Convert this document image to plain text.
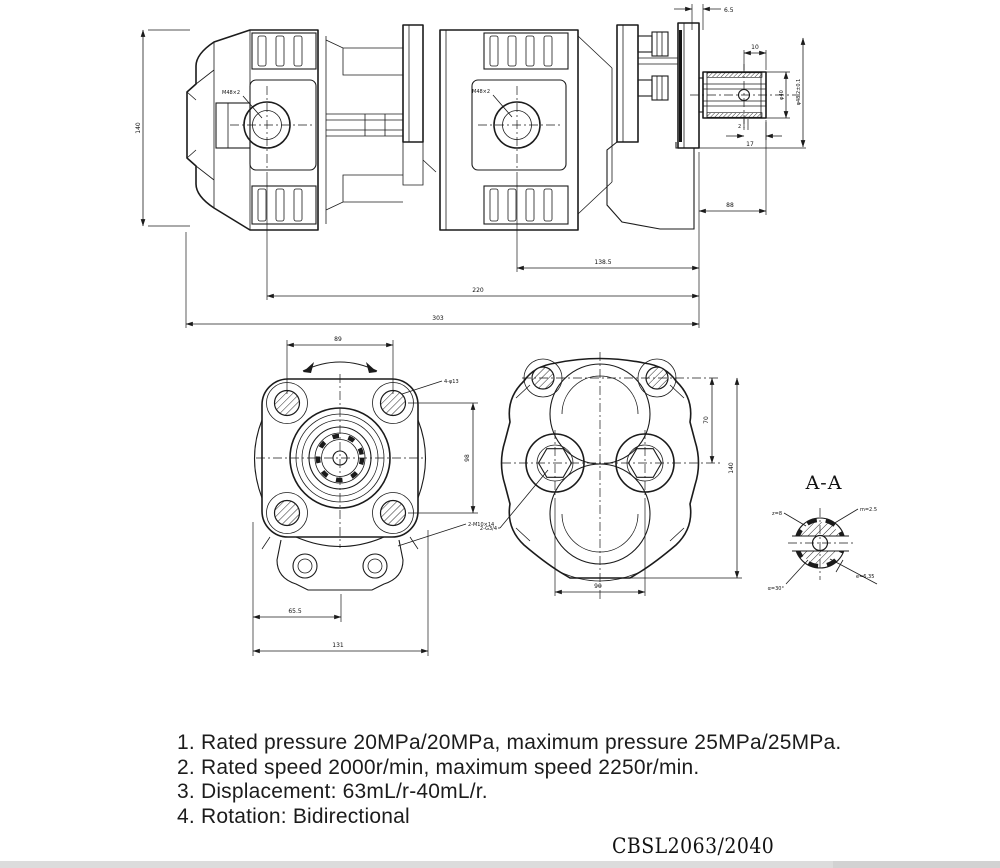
M48×2	M48×2
140
6.5
10
φ40 φ48.2±0.1
2
17
88
138.5
220
303
89
98
4-φ13
2-M10×14
65.5
131
70
140
90
2-G3/4
A-A
m=2.5
z=8
α=30°
e=6.35
1. Rated pressure 20MPa/20MPa, maximum pressure 25MPa/25MPa.
2. Rated speed 2000r/min, maximum speed 2250r/min.
3. Displacement: 63mL/r-40mL/r.
4. Rotation: Bidirectional
CBSL2063/2040
